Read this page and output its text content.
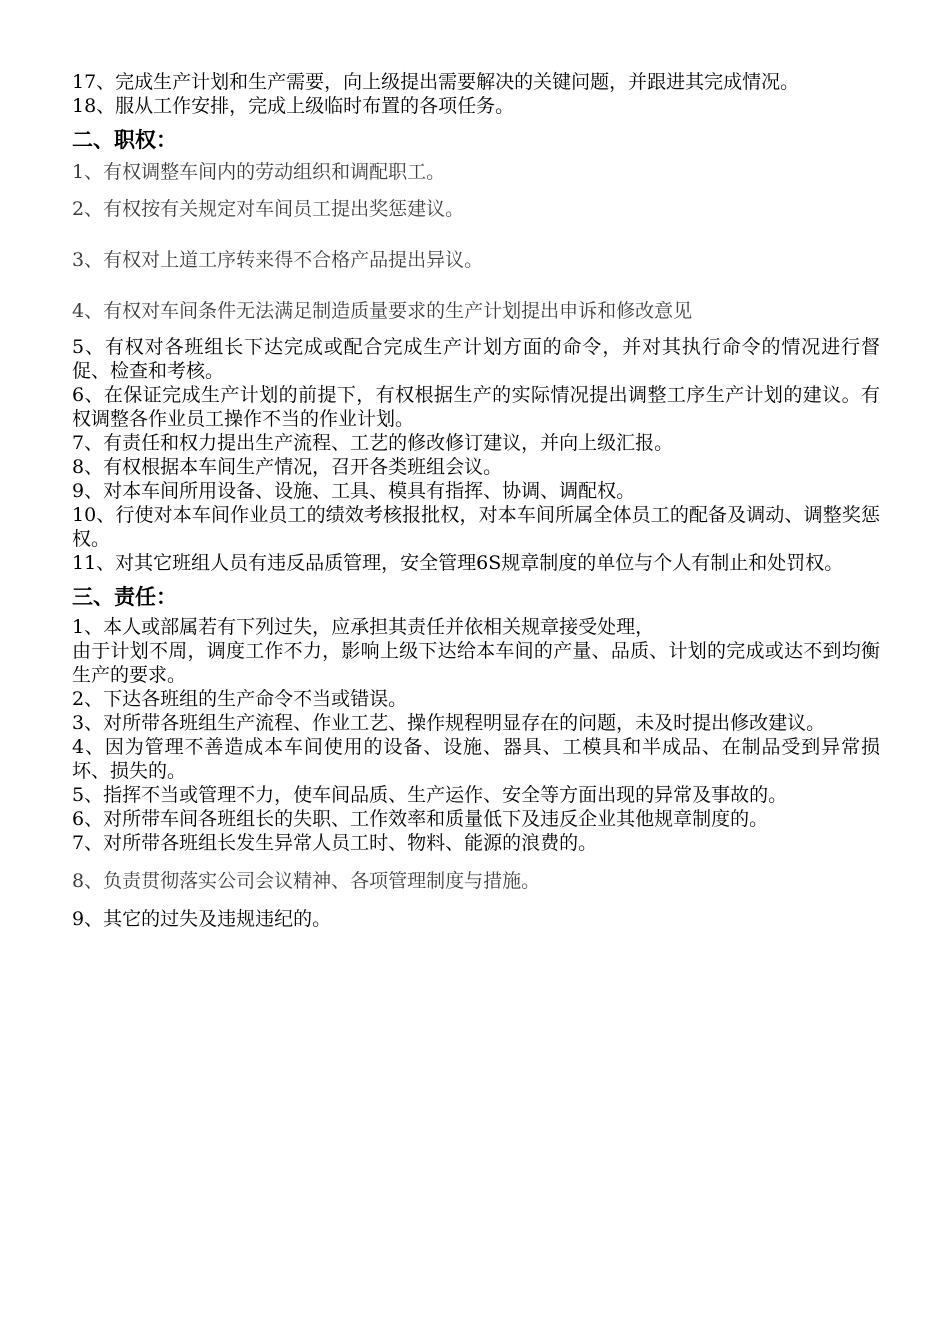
17、完成生产计划和生产需要，向上级提出需要解决的关键问题，并跟进其完成情况。

18、服从工作安排，完成上级临时布置的各项任务。

二、职权：

1、有权调整车间内的劳动组织和调配职工。

2、有权按有关规定对车间员工提出奖惩建议。

3、有权对上道工序转来得不合格产品提出异议。

4、有权对车间条件无法满足制造质量要求的生产计划提出申诉和修改意见

5、有权对各班组长下达完成或配合完成生产计划方面的命令，并对其执行命令的情况进行督促、检查和考核。

6、在保证完成生产计划的前提下，有权根据生产的实际情况提出调整工序生产计划的建议。有权调整各作业员工操作不当的作业计划。

7、有责任和权力提出生产流程、工艺的修改修订建议，并向上级汇报。

8、有权根据本车间生产情况，召开各类班组会议。

9、对本车间所用设备、设施、工具、模具有指挥、协调、调配权。

10、行使对本车间作业员工的绩效考核报批权，对本车间所属全体员工的配备及调动、调整奖惩权。

11、对其它班组人员有违反品质管理，安全管理6S规章制度的单位与个人有制止和处罚权。

三、责任：

1、本人或部属若有下列过失，应承担其责任并依相关规章接受处理，

由于计划不周，调度工作不力，影响上级下达给本车间的产量、品质、计划的完成或达不到均衡生产的要求。

2、下达各班组的生产命令不当或错误。

3、对所带各班组生产流程、作业工艺、操作规程明显存在的问题，未及时提出修改建议。

4、因为管理不善造成本车间使用的设备、设施、器具、工模具和半成品、在制品受到异常损坏、损失的。

5、指挥不当或管理不力，使车间品质、生产运作、安全等方面出现的异常及事故的。

6、对所带车间各班组长的失职、工作效率和质量低下及违反企业其他规章制度的。

7、对所带各班组长发生异常人员工时、物料、能源的浪费的。

8、负责贯彻落实公司会议精神、各项管理制度与措施。

9、其它的过失及违规违纪的。
